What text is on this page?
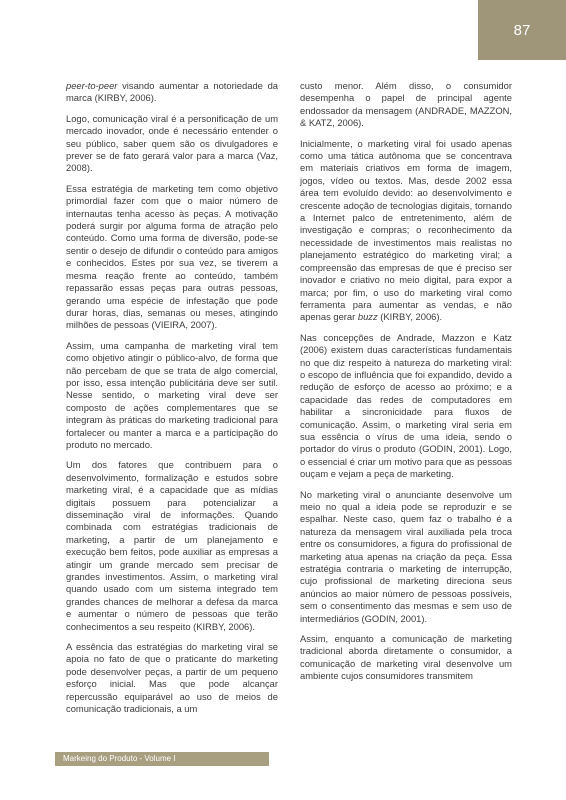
87

peer-to-peer visando aumentar a notoriedade da marca (KIRBY, 2006).

Logo, comunicação viral é a personificação de um mercado inovador, onde é necessário entender o seu público, saber quem são os divulgadores e prever se de fato gerará valor para a marca (Vaz, 2008).

Essa estratégia de marketing tem como objetivo primordial fazer com que o maior número de internautas tenha acesso às peças. A motivação poderá surgir por alguma forma de atração pelo conteúdo. Como uma forma de diversão, pode-se sentir o desejo de difundir o conteúdo para amigos e conhecidos. Estes por sua vez, se tiverem a mesma reação frente ao conteúdo, também repassarão essas peças para outras pessoas, gerando uma espécie de infestação que pode durar horas, dias, semanas ou meses, atingindo milhões de pessoas (VIEIRA, 2007).

Assim, uma campanha de marketing viral tem como objetivo atingir o público-alvo, de forma que não percebam de que se trata de algo comercial, por isso, essa intenção publicitária deve ser sutil. Nesse sentido, o marketing viral deve ser composto de ações complementares que se integram às práticas do marketing tradicional para fortalecer ou manter a marca e a participação do produto no mercado.

Um dos fatores que contribuem para o desenvolvimento, formalização e estudos sobre marketing viral, é a capacidade que as mídias digitais possuem para potencializar a disseminação viral de informações. Quando combinada com estratégias tradicionais de marketing, a partir de um planejamento e execução bem feitos, pode auxiliar as empresas a atingir um grande mercado sem precisar de grandes investimentos. Assim, o marketing viral quando usado com um sistema integrado tem grandes chances de melhorar a defesa da marca e aumentar o número de pessoas que terão conhecimentos a seu respeito (KIRBY, 2006).

A essência das estratégias do marketing viral se apoia no fato de que o praticante do marketing pode desenvolver peças, a partir de um pequeno esforço inicial. Mas que pode alcançar repercussão equiparável ao uso de meios de comunicação tradicionais, a um

custo menor. Além disso, o consumidor desempenha o papel de principal agente endossador da mensagem (ANDRADE, MAZZON, & KATZ, 2006).

Inicialmente, o marketing viral foi usado apenas como uma tática autônoma que se concentrava em materiais criativos em forma de imagem, jogos, vídeo ou textos. Mas, desde 2002 essa área tem evoluído devido: ao desenvolvimento e crescente adoção de tecnologias digitais, tornando a Internet palco de entretenimento, além de investigação e compras; o reconhecimento da necessidade de investimentos mais realistas no planejamento estratégico do marketing viral; a compreensão das empresas de que é preciso ser inovador e criativo no meio digital, para expor a marca; por fim, o uso do marketing viral como ferramenta para aumentar as vendas, e não apenas gerar buzz (KIRBY, 2006).

Nas concepções de Andrade, Mazzon e Katz (2006) existem duas características fundamentais no que diz respeito à natureza do marketing viral: o escopo de influência que foi expandido, devido a redução de esforço de acesso ao próximo; e a capacidade das redes de computadores em habilitar a sincronicidade para fluxos de comunicação. Assim, o marketing viral seria em sua essência o vírus de uma ideia, sendo o portador do vírus o produto (GODIN, 2001). Logo, o essencial é criar um motivo para que as pessoas ouçam e vejam a peça de marketing.

No marketing viral o anunciante desenvolve um meio no qual a ideia pode se reproduzir e se espalhar. Neste caso, quem faz o trabalho é a natureza da mensagem viral auxiliada pela troca entre os consumidores, a figura do profissional de marketing atua apenas na criação da peça. Essa estratégia contraria o marketing de interrupção, cujo profissional de marketing direciona seus anúncios ao maior número de pessoas possíveis, sem o consentimento das mesmas e sem uso de intermediários (GODIN, 2001).

Assim, enquanto a comunicação de marketing tradicional aborda diretamente o consumidor, a comunicação de marketing viral desenvolve um ambiente cujos consumidores transmitem

Markeing do Produto - Volume I
